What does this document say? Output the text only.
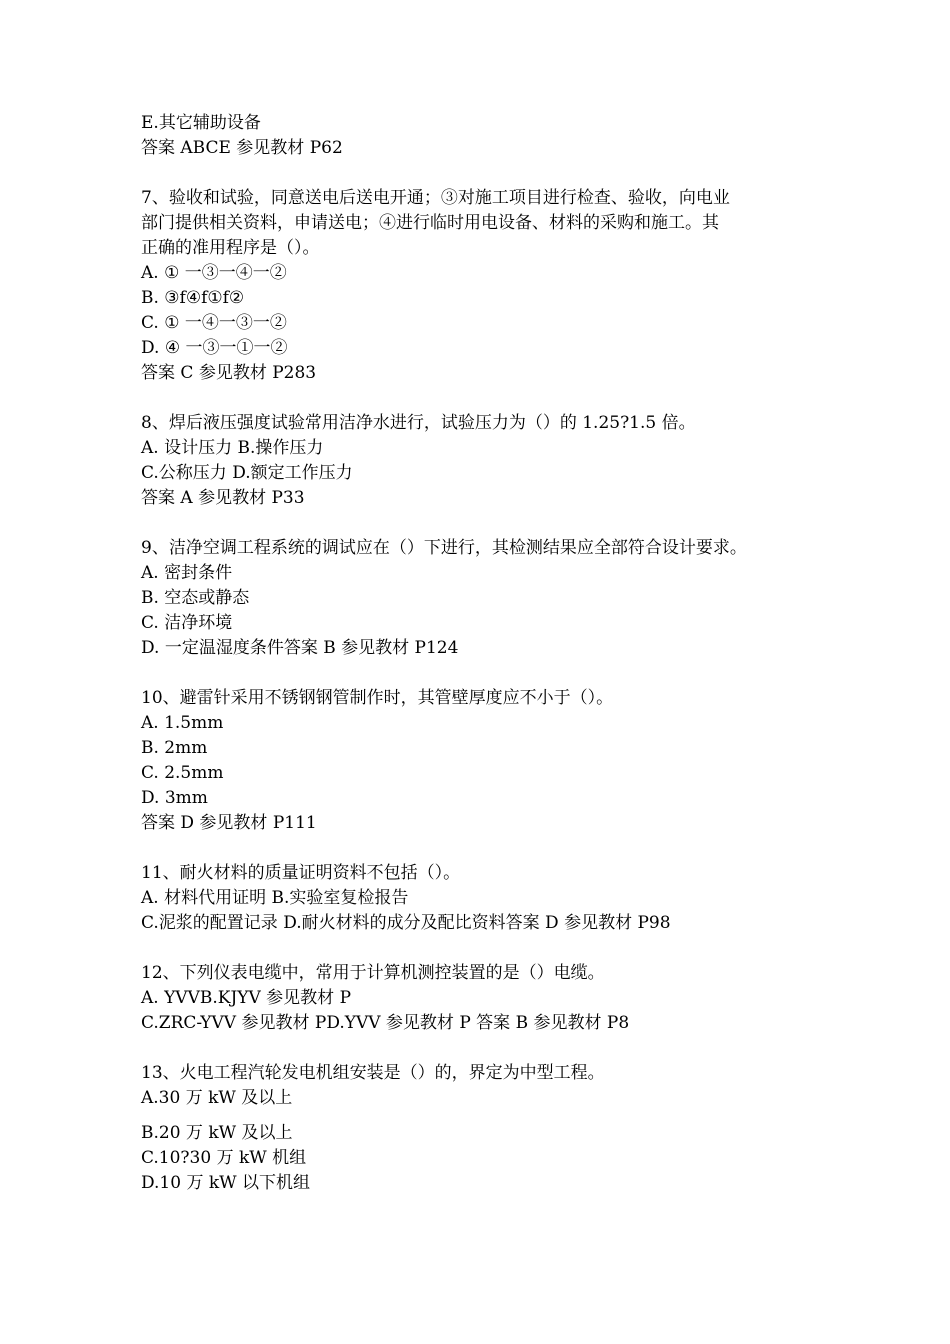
E.其它辅助设备
答案 ABCE 参见教材 P62
7、验收和试验，同意送电后送电开通；③对施工项目进行检查、验收，向电业
部门提供相关资料，申请送电；④进行临时用电设备、材料的采购和施工。其
正确的准用程序是（）。
A. ① 一③一④一②
B. ③f④f①f②
C. ① 一④一③一②
D. ④ 一③一①一②
答案 C 参见教材 P283
8、焊后液压强度试验常用洁净水进行，试验压力为（）的 1.25?1.5 倍。
A. 设计压力 B.操作压力
C.公称压力 D.额定工作压力
答案 A 参见教材 P33
9、洁净空调工程系统的调试应在（）下进行，其检测结果应全部符合设计要求。
A. 密封条件
B. 空态或静态
C. 洁净环境
D. 一定温湿度条件答案 B 参见教材 P124
10、避雷针采用不锈钢钢管制作时，其管壁厚度应不小于（）。
A. 1.5mm
B. 2mm
C. 2.5mm
D. 3mm
答案 D 参见教材 P111
11、耐火材料的质量证明资料不包括（）。
A. 材料代用证明 B.实验室复检报告
C.泥浆的配置记录 D.耐火材料的成分及配比资料答案 D 参见教材 P98
12、下列仪表电缆中，常用于计算机测控装置的是（）电缆。
A. YVVB.KJYV 参见教材 P
C.ZRC-YVV 参见教材 PD.YVV 参见教材 P 答案 B 参见教材 P8
13、火电工程汽轮发电机组安装是（）的，界定为中型工程。
A.30 万 kW 及以上
B.20 万 kW 及以上
C.10?30 万 kW 机组
D.10 万 kW 以下机组
